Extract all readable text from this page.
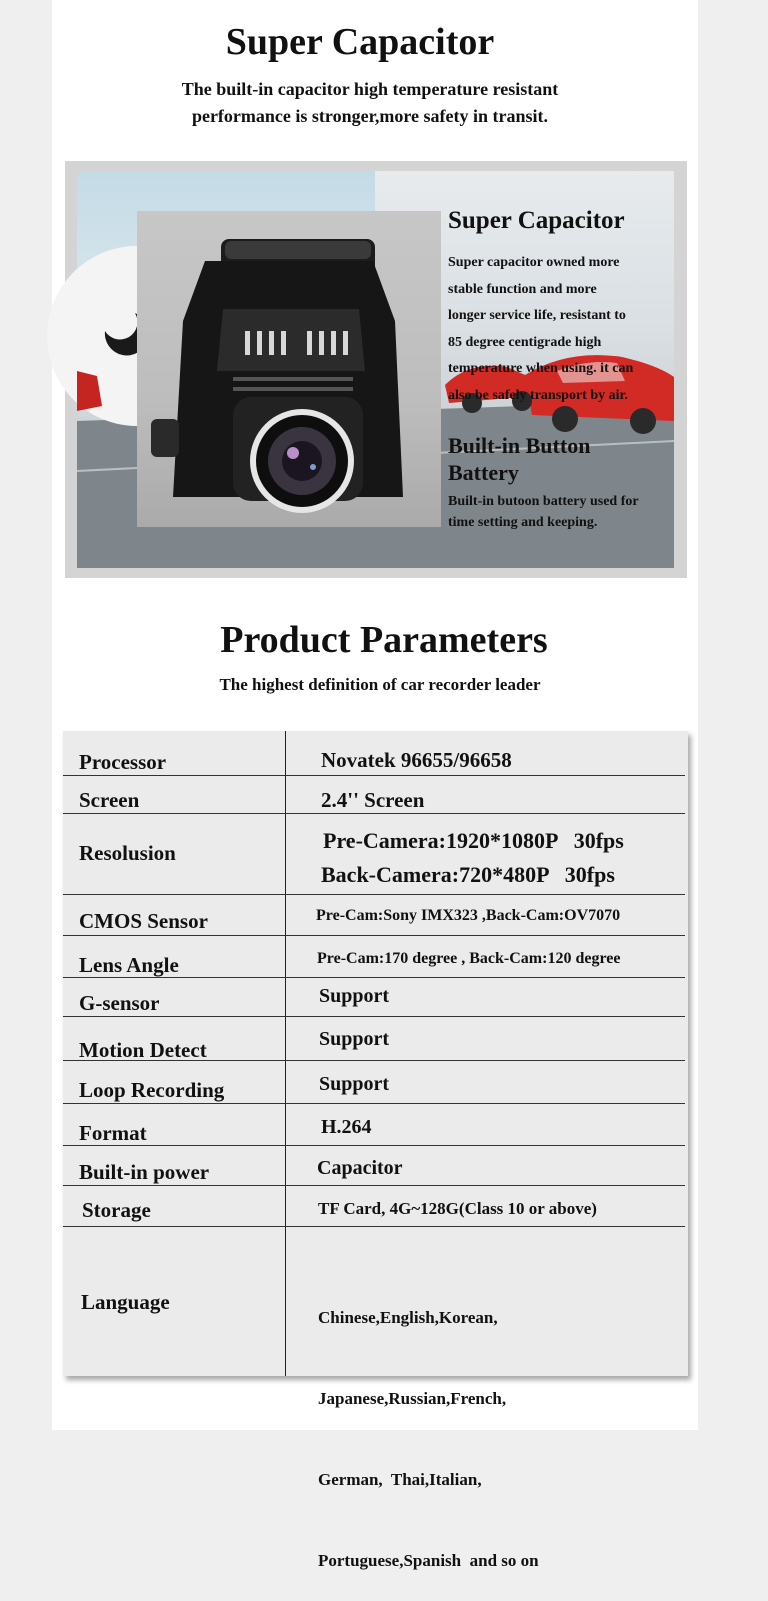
Super Capacitor
The built-in capacitor high temperature resistant
performance is stronger,more safety in transit.
Super Capacitor
Super capacitor owned more
stable function and more
longer service life, resistant to
85 degree centigrade high
temperature when using. it can
also be safely transport by air.
Built-in Button
Battery
Built-in butoon battery used for
time setting and keeping.
Product Parameters
The highest definition of car recorder leader
Processor
Screen
Resolusion
CMOS Sensor
Lens Angle
G-sensor
Motion Detect
Loop Recording
Format
Built-in power
Storage
Language
Novatek 96655/96658
2.4'' Screen
Pre-Camera:1920*1080P   30fps
Back-Camera:720*480P   30fps
Pre-Cam:Sony IMX323 ,Back-Cam:OV7070
Pre-Cam:170 degree , Back-Cam:120 degree
Support
Support
Support
H.264
Capacitor
TF Card, 4G~128G(Class 10 or above)

Chinese,English,Korean,

Japanese,Russian,French,

German,  Thai,Italian,

Portuguese,Spanish  and so on
